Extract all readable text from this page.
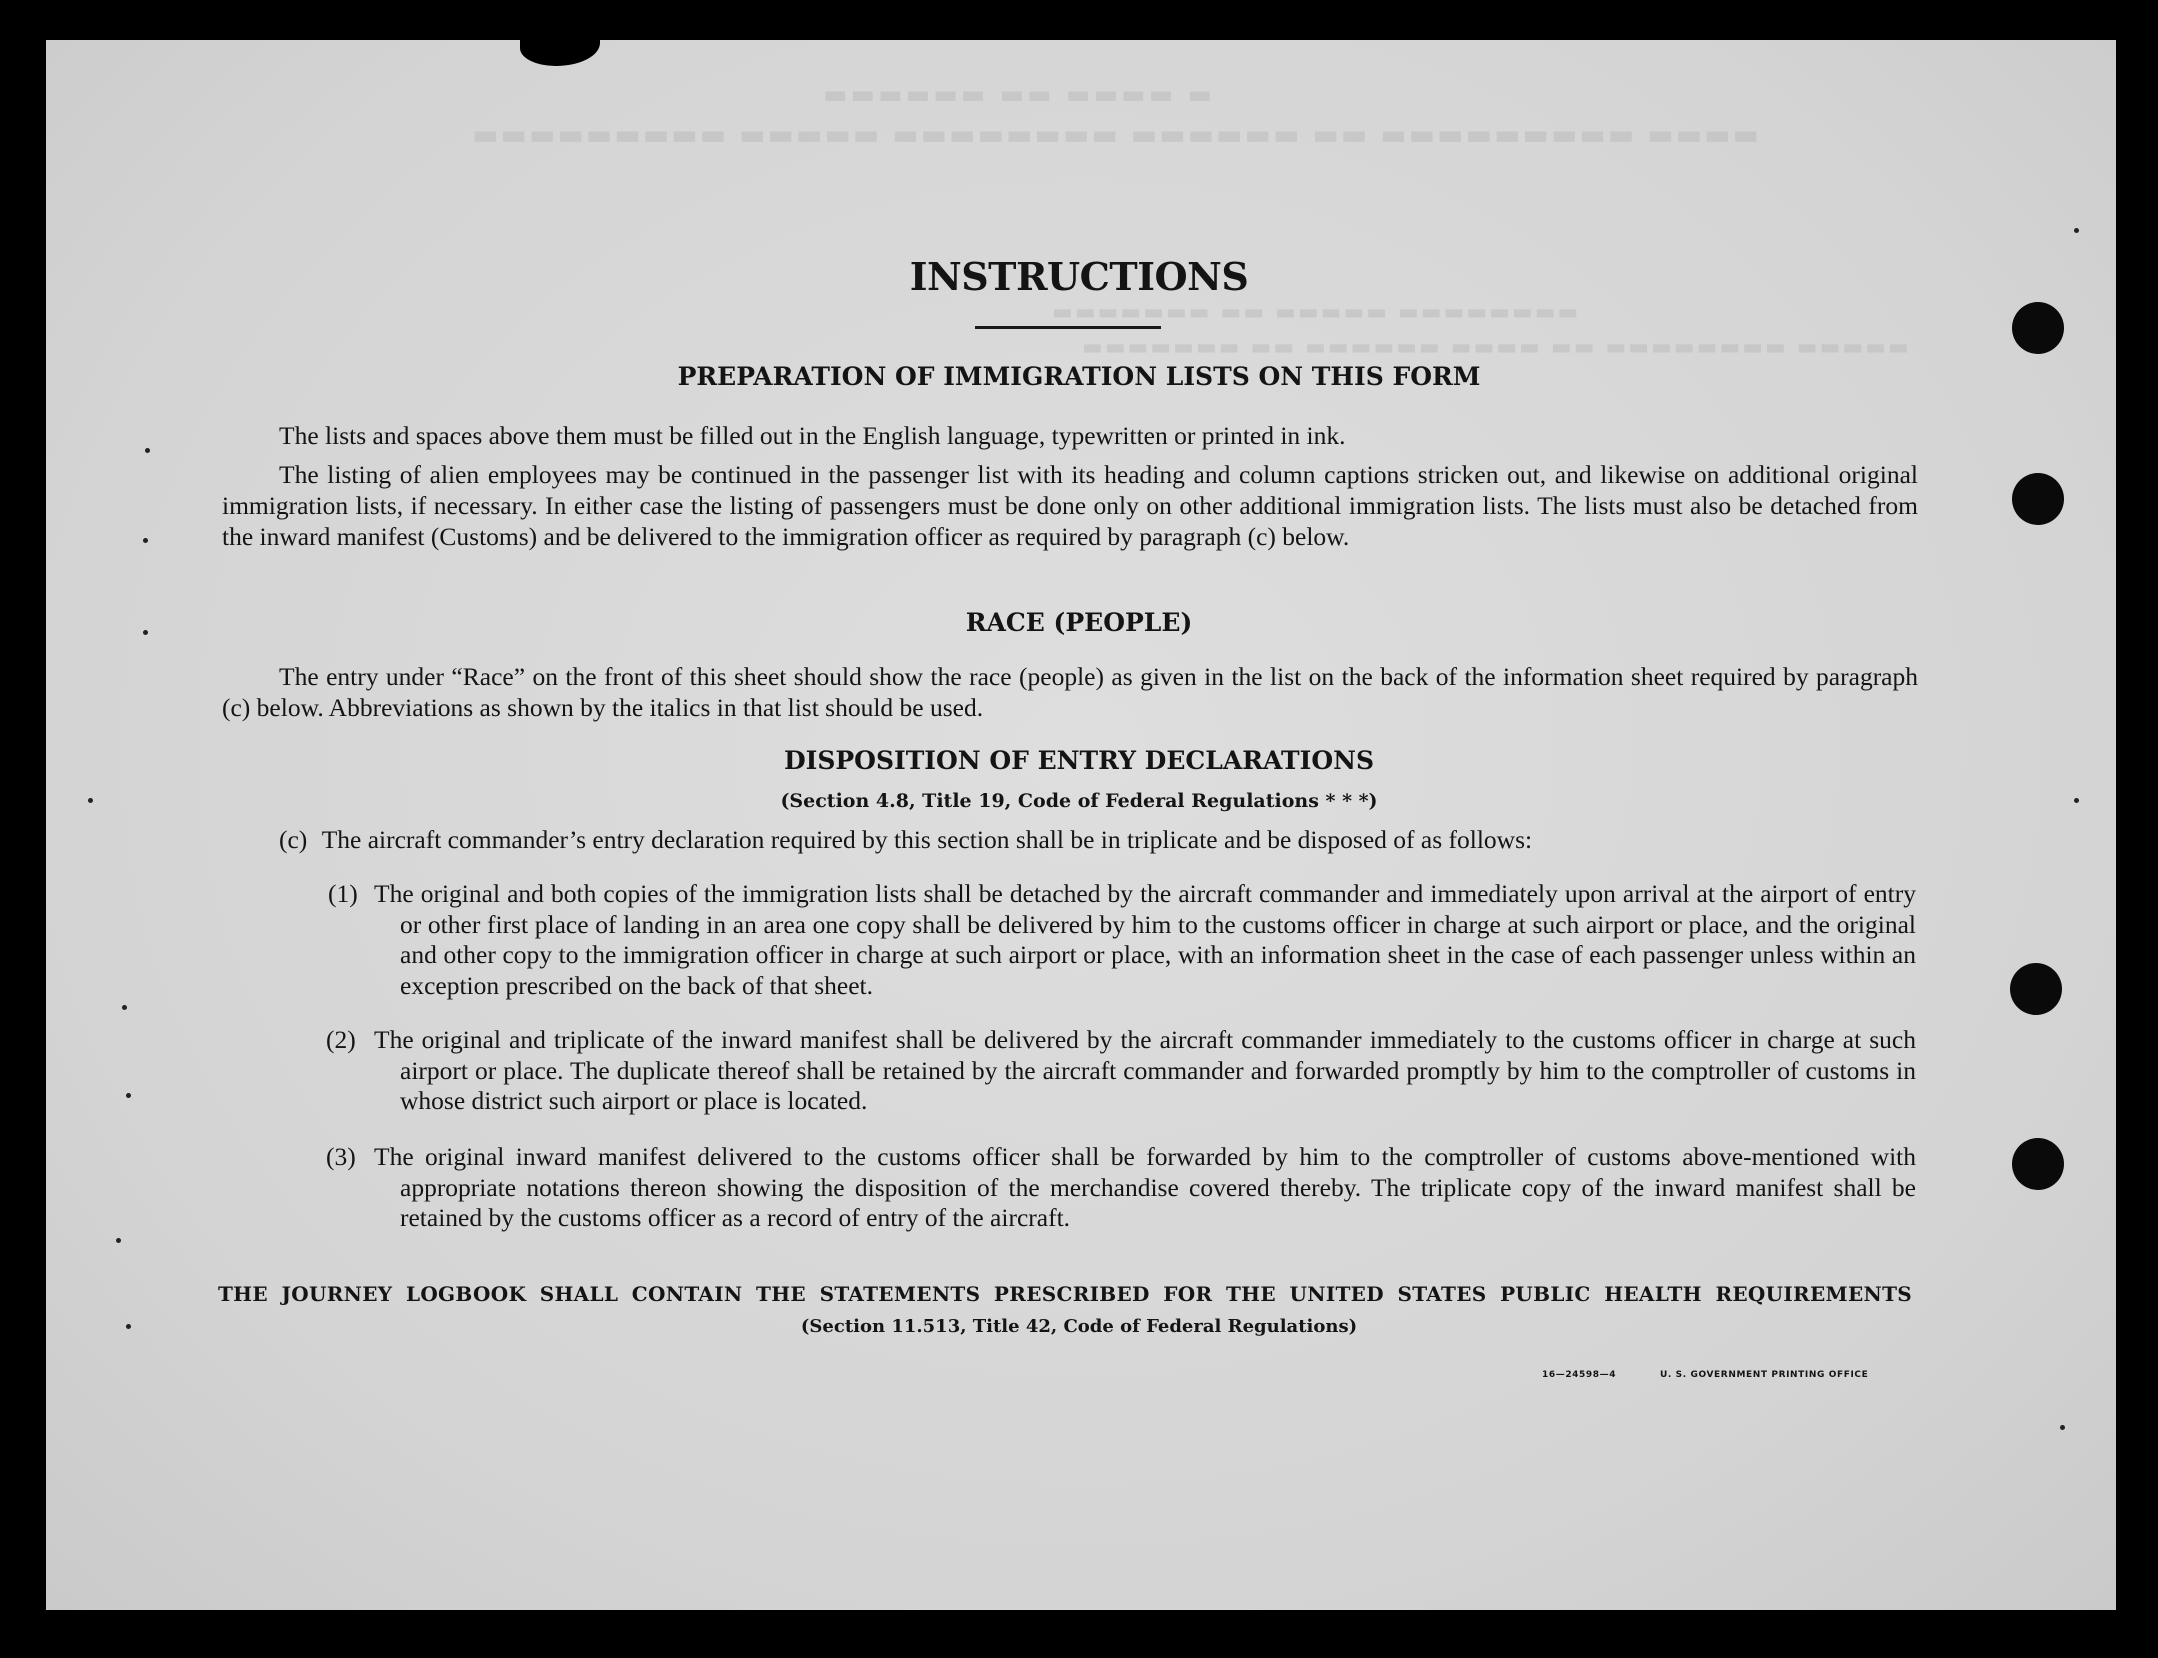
▬ ▬▬▬▬ ▬▬ ▬▬▬▬▬▬
▬▬▬▬ ▬▬▬▬▬▬▬▬▬ ▬▬ ▬▬▬▬▬▬ ▬▬▬▬▬▬▬▬ ▬▬▬▬▬ ▬▬▬▬▬▬▬▬▬
▬▬▬▬▬▬▬▬ ▬▬▬▬▬ ▬▬ ▬▬▬▬▬▬▬
▬▬▬▬▬ ▬▬▬▬▬▬▬▬ ▬▬ ▬▬▬▬ ▬▬▬▬▬▬ ▬▬ ▬▬▬▬▬▬▬
INSTRUCTIONS
PREPARATION OF IMMIGRATION LISTS ON THIS FORM
The lists and spaces above them must be filled out in the English language, typewritten or printed in ink.
The listing of alien employees may be continued in the passenger list with its heading and column captions stricken out, and likewise on additional original immigration lists, if necessary. In either case the listing of passengers must be done only on other additional immigration lists. The lists must also be detached from the inward manifest (Customs) and be delivered to the immigration officer as required by paragraph (c) below.
RACE (PEOPLE)
The entry under “Race” on the front of this sheet should show the race (people) as given in the list on the back of the information sheet required by paragraph (c) below. Abbreviations as shown by the italics in that list should be used.
DISPOSITION OF ENTRY DECLARATIONS
(Section 4.8, Title 19, Code of Federal Regulations * * *)
(c) The aircraft commander’s entry declaration required by this section shall be in triplicate and be disposed of as follows:
(1) The original and both copies of the immigration lists shall be detached by the aircraft commander and immediately upon arrival at the airport of entry or other first place of landing in an area one copy shall be delivered by him to the customs officer in charge at such airport or place, and the original and other copy to the immigration officer in charge at such airport or place, with an information sheet in the case of each passenger unless within an exception prescribed on the back of that sheet.
(2) The original and triplicate of the inward manifest shall be delivered by the aircraft commander immediately to the customs officer in charge at such airport or place. The duplicate thereof shall be retained by the aircraft commander and forwarded promptly by him to the comptroller of customs in whose district such airport or place is located.
(3) The original inward manifest delivered to the customs officer shall be forwarded by him to the comptroller of customs above-mentioned with appropriate notations thereon showing the disposition of the merchandise covered thereby. The triplicate copy of the inward manifest shall be retained by the customs officer as a record of entry of the aircraft.
THE JOURNEY LOGBOOK SHALL CONTAIN THE STATEMENTS PRESCRIBED FOR THE UNITED STATES PUBLIC HEALTH REQUIREMENTS
(Section 11.513, Title 42, Code of Federal Regulations)
16—24598—4	U. S. GOVERNMENT PRINTING OFFICE
